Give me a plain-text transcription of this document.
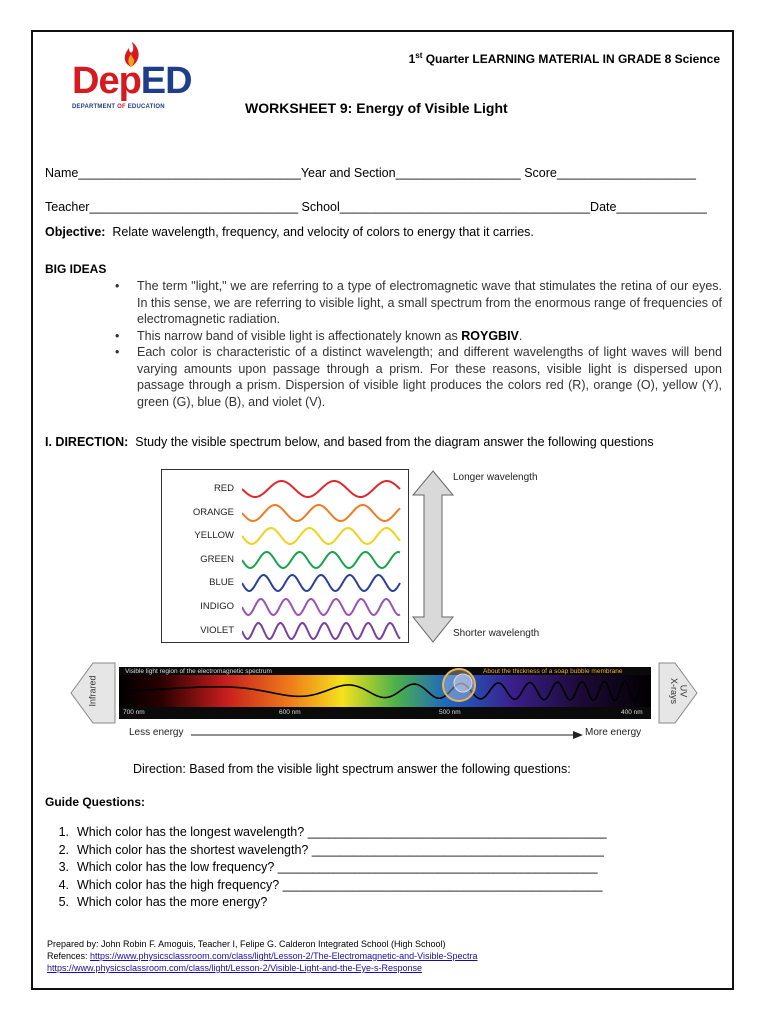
DepED
DEPARTMENT OF EDUCATION
1st Quarter LEARNING MATERIAL IN GRADE 8 Science
WORKSHEET 9: Energy of Visible Light
Name________________________________Year and Section__________________ Score____________________
Teacher______________________________ School____________________________________Date_____________
Objective: Relate wavelength, frequency, and velocity of colors to energy that it carries.
BIG IDEAS
• The term "light," we are referring to a type of electromagnetic wave that stimulates the retina of our eyes. In this sense, we are referring to visible light, a small spectrum from the enormous range of frequencies of electromagnetic radiation.
• This narrow band of visible light is affectionately known as ROYGBIV.
• Each color is characteristic of a distinct wavelength; and different wavelengths of light waves will bend varying amounts upon passage through a prism. For these reasons, visible light is dispersed upon passage through a prism. Dispersion of visible light produces the colors red (R), orange (O), yellow (Y), green (G), blue (B), and violet (V).
I. DIRECTION: Study the visible spectrum below, and based from the diagram answer the following questions
RED
ORANGE
YELLOW
GREEN
BLUE
INDIGO
VIOLET
Longer wavelength
Shorter wavelength
Infrared	X-rays UV
Visible light region of the electromagnetic spectrum	About the thickness of a soap bubble membrane
700 nm	600 nm	500 nm	400 nm
Less energy	More energy
Direction: Based from the visible light spectrum answer the following questions:
Guide Questions:
1. Which color has the longest wavelength? ___________________________________________
2. Which color has the shortest wavelength? __________________________________________
3. Which color has the low frequency? ______________________________________________
4. Which color has the high frequency? ______________________________________________
5. Which color has the more energy?
Prepared by: John Robin F. Amoguis, Teacher I, Felipe G. Calderon Integrated School (High School)
Refences: https://www.physicsclassroom.com/class/light/Lesson-2/The-Electromagnetic-and-Visible-Spectra
https://www.physicsclassroom.com/class/light/Lesson-2/Visible-Light-and-the-Eye-s-Response
